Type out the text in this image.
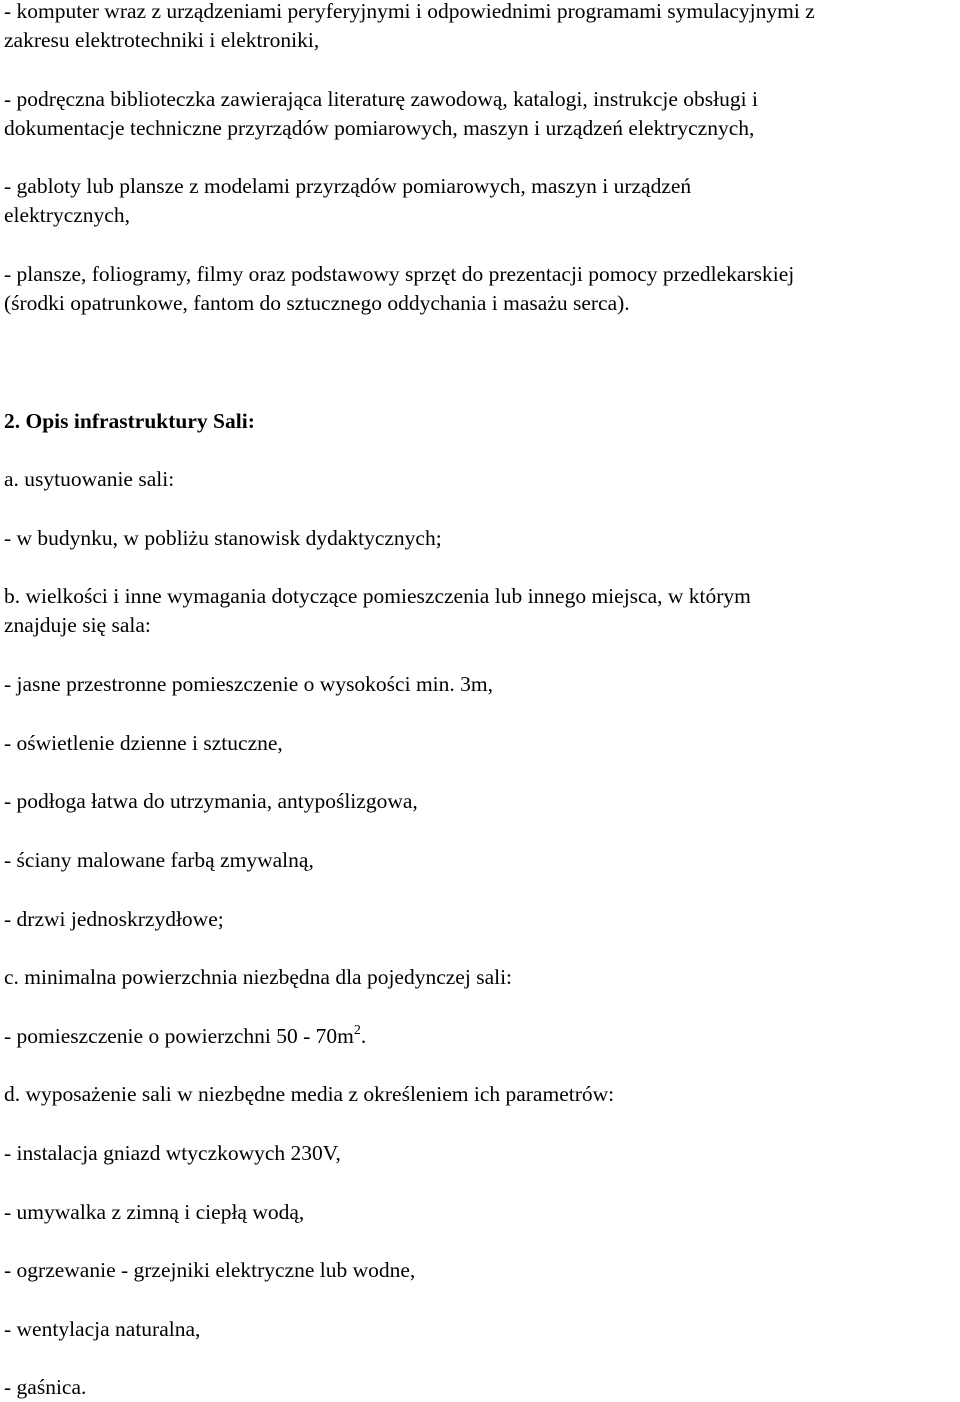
- komputer wraz z urządzeniami peryferyjnymi i odpowiednimi programami symulacyjnymi z
zakresu elektrotechniki i elektroniki,

- podręczna biblioteczka zawierająca literaturę zawodową, katalogi, instrukcje obsługi i
dokumentacje techniczne przyrządów pomiarowych, maszyn i urządzeń elektrycznych,

- gabloty lub plansze z modelami przyrządów pomiarowych, maszyn i urządzeń
elektrycznych,

- plansze, foliogramy, filmy oraz podstawowy sprzęt do prezentacji pomocy przedlekarskiej
(środki opatrunkowe, fantom do sztucznego oddychania i masażu serca).

2. Opis infrastruktury Sali:

a. usytuowanie sali:

- w budynku, w pobliżu stanowisk dydaktycznych;

b. wielkości i inne wymagania dotyczące pomieszczenia lub innego miejsca, w którym
znajduje się sala:

- jasne przestronne pomieszczenie o wysokości min. 3m,

- oświetlenie dzienne i sztuczne,

- podłoga łatwa do utrzymania, antypoślizgowa,

- ściany malowane farbą zmywalną,

- drzwi jednoskrzydłowe;

c. minimalna powierzchnia niezbędna dla pojedynczej sali:

- pomieszczenie o powierzchni $50 - 70m^2$.

d. wyposażenie sali w niezbędne media z określeniem ich parametrów:

- instalacja gniazd wtyczkowych 230V,

- umywalka z zimną i ciepłą wodą,

- ogrzewanie - grzejniki elektryczne lub wodne,

- wentylacja naturalna,

- gaśnica.
